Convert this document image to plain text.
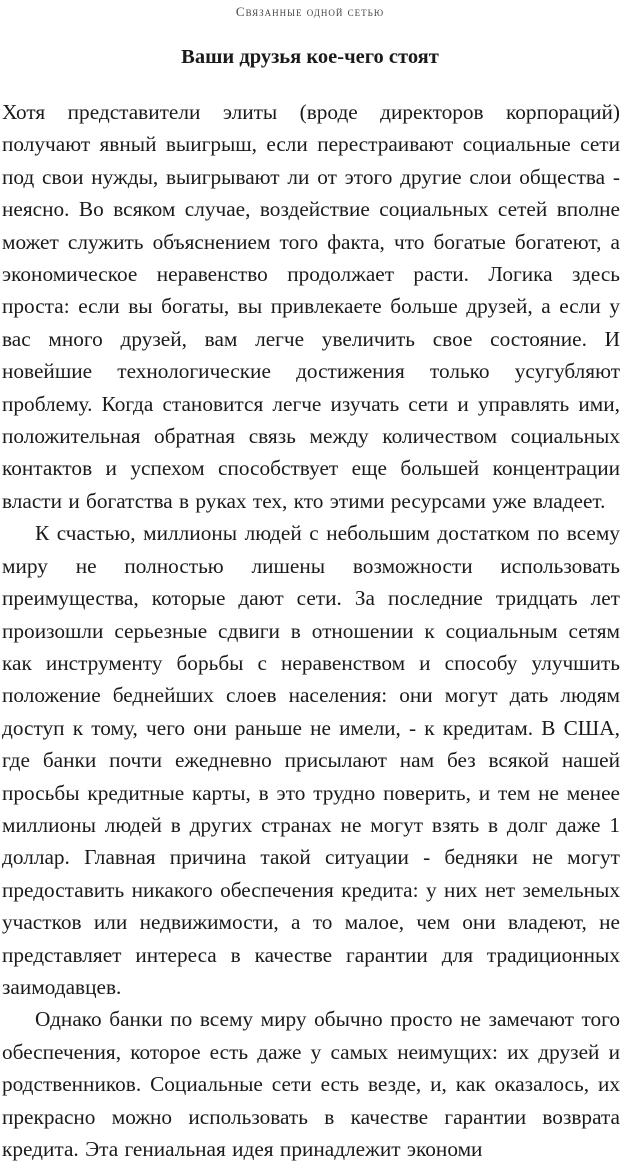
Связанные одной сетью
Ваши друзья кое-чего стоят

Хотя представители элиты (вроде директоров корпораций) получают явный выигрыш, если перестраивают социальные сети под свои нужды, выигрывают ли от этого другие слои общества - неясно. Во всяком случае, воздействие социальных сетей вполне может служить объяснением того факта, что богатые богатеют, а экономическое неравенство продолжает расти. Логика здесь проста: если вы богаты, вы привлекаете больше друзей, а если у вас много друзей, вам легче увеличить свое состояние. И новейшие технологические достижения только усугубляют проблему. Когда становится легче изучать сети и управлять ими, положительная обратная связь между количеством социальных контактов и успехом способствует еще большей концентрации власти и богатства в руках тех, кто этими ресурсами уже владеет.

К счастью, миллионы людей с небольшим достатком по всему миру не полностью лишены возможности использовать преимущества, которые дают сети. За последние тридцать лет произошли серьезные сдвиги в отношении к социальным сетям как инструменту борьбы с неравенством и способу улучшить положение беднейших слоев населения: они могут дать людям доступ к тому, чего они раньше не имели, - к кредитам. В США, где банки почти ежедневно присылают нам без всякой нашей просьбы кредитные карты, в это трудно поверить, и тем не менее миллионы людей в других странах не могут взять в долг даже 1 доллар. Главная причина такой ситуации - бедняки не могут предоставить никакого обеспечения кредита: у них нет земельных участков или недвижимости, а то малое, чем они владеют, не представляет интереса в качестве гарантии для традиционных заимодавцев.

Однако банки по всему миру обычно просто не замечают того обеспечения, которое есть даже у самых неимущих: их друзей и родственников. Социальные сети есть везде, и, как оказалось, их прекрасно можно использовать в качестве гарантии возврата кредита. Эта гениальная идея принадлежит экономи
